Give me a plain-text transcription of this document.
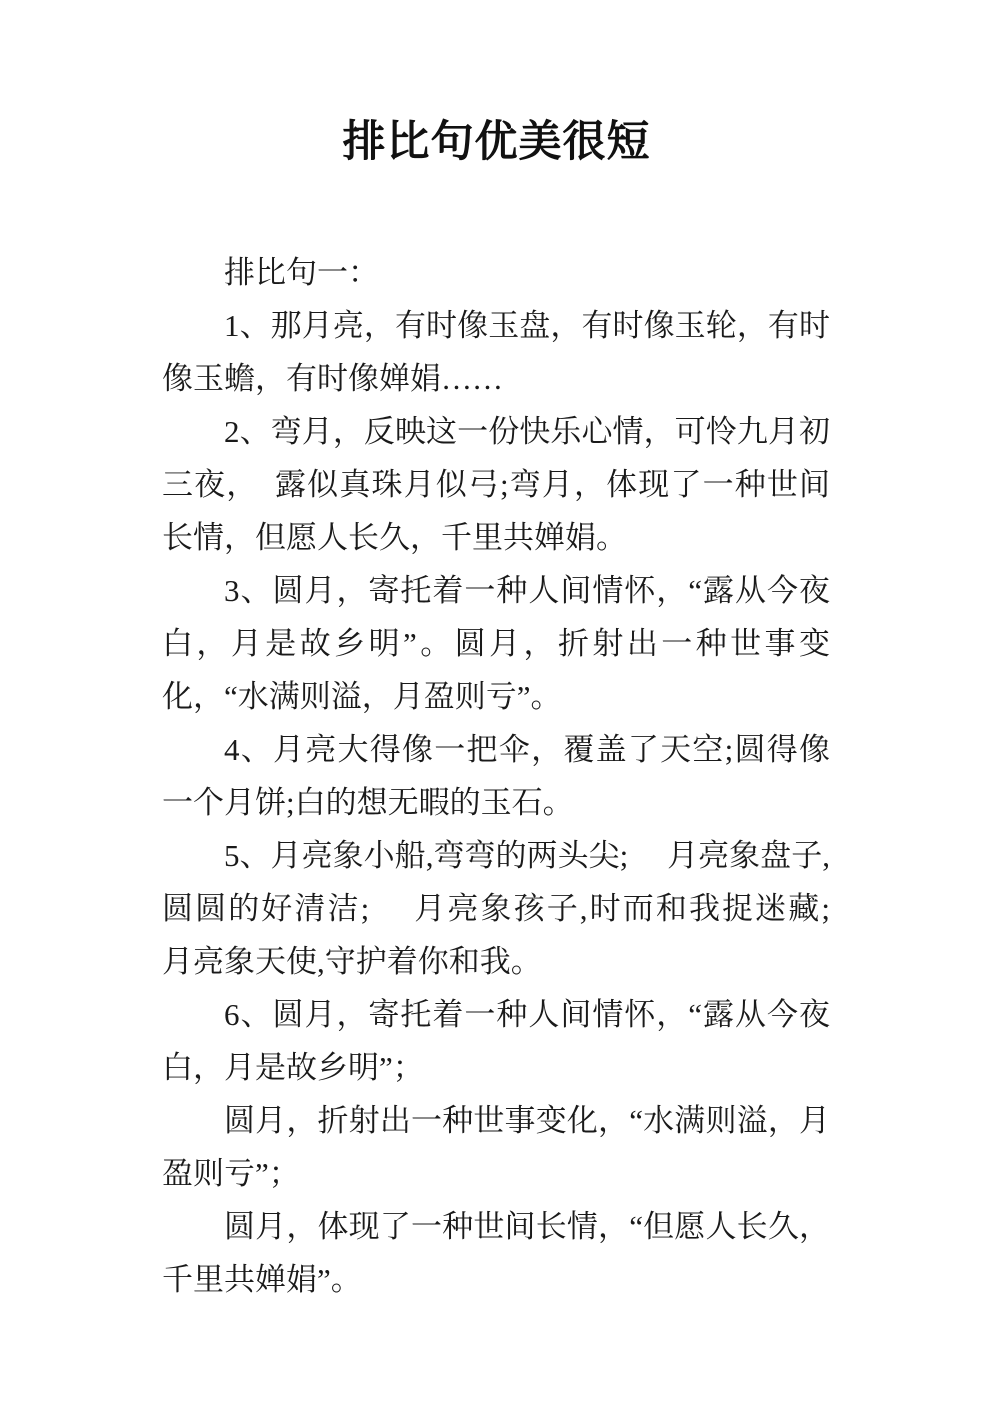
排比句优美很短

排比句一：

1、那月亮，有时像玉盘，有时像玉轮，有时像玉蟾，有时像婵娟……

2、弯月，反映这一份快乐心情，可怜九月初三夜，　露似真珠月似弓;弯月，体现了一种世间长情，但愿人长久，千里共婵娟。

3、圆月，寄托着一种人间情怀，“露从今夜白，月是故乡明”。圆月，折射出一种世事变化，“水满则溢，月盈则亏”。

4、月亮大得像一把伞，覆盖了天空;圆得像一个月饼;白的想无暇的玉石。

5、月亮象小船,弯弯的两头尖;　 月亮象盘子,圆圆的好清洁;　 月亮象孩子,时而和我捉迷藏;　 月亮象天使,守护着你和我。

6、圆月，寄托着一种人间情怀，“露从今夜白，月是故乡明”；

圆月，折射出一种世事变化，“水满则溢，月盈则亏”；

圆月，体现了一种世间长情，“但愿人长久，千里共婵娟”。
